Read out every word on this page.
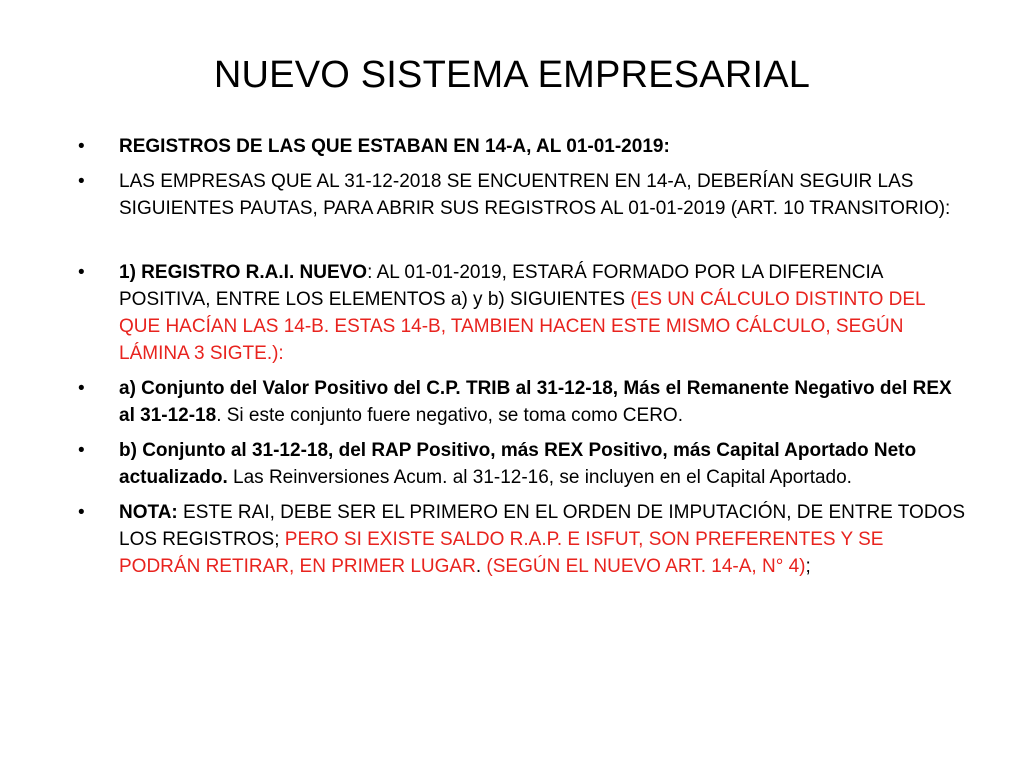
NUEVO SISTEMA EMPRESARIAL
• REGISTROS DE LAS QUE ESTABAN EN 14-A, AL 01-01-2019:
• LAS EMPRESAS QUE AL 31-12-2018 SE ENCUENTREN EN 14-A, DEBERÍAN SEGUIR LAS SIGUIENTES PAUTAS, PARA ABRIR SUS REGISTROS AL 01-01-2019 (ART. 10 TRANSITORIO):
• 1) REGISTRO R.A.I. NUEVO: AL 01-01-2019, ESTARÁ FORMADO POR LA DIFERENCIA POSITIVA, ENTRE LOS ELEMENTOS a) y b) SIGUIENTES (ES UN CÁLCULO DISTINTO DEL QUE HACÍAN LAS 14-B. ESTAS 14-B, TAMBIEN HACEN ESTE MISMO CÁLCULO, SEGÚN LÁMINA 3 SIGTE.):
• a) Conjunto del Valor Positivo del C.P. TRIB al 31-12-18, Más el Remanente Negativo del REX al 31-12-18. Si este conjunto fuere negativo, se toma como CERO.
• b) Conjunto al 31-12-18, del RAP Positivo, más REX Positivo, más Capital Aportado Neto actualizado. Las Reinversiones Acum. al 31-12-16, se incluyen en el Capital Aportado.
• NOTA: ESTE RAI, DEBE SER EL PRIMERO EN EL ORDEN DE IMPUTACIÓN, DE ENTRE TODOS LOS REGISTROS; PERO SI EXISTE SALDO R.A.P. E ISFUT, SON PREFERENTES Y SE PODRÁN RETIRAR, EN PRIMER LUGAR. (SEGÚN EL NUEVO ART. 14-A, N° 4);
